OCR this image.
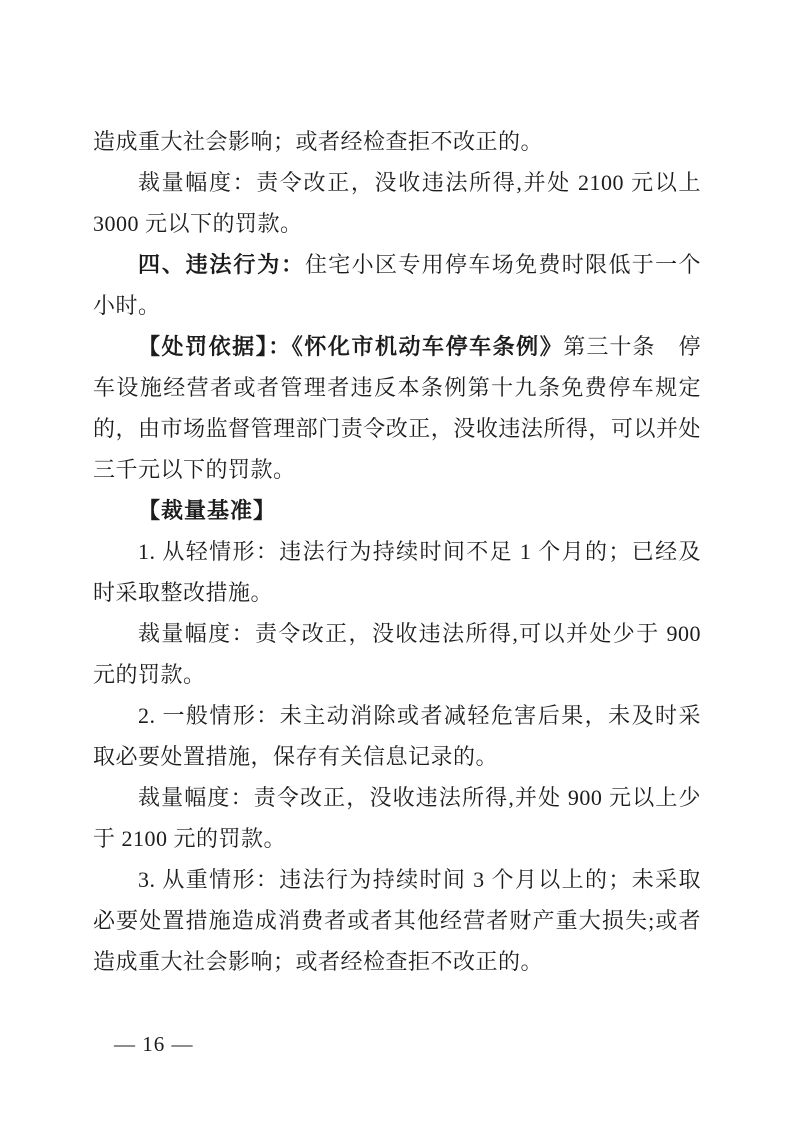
造成重大社会影响；或者经检查拒不改正的。

裁量幅度：责令改正，没收违法所得,并处 2100 元以上 3000 元以下的罚款。

四、违法行为：住宅小区专用停车场免费时限低于一个小时。

【处罚依据】：《怀化市机动车停车条例》第三十条　停车设施经营者或者管理者违反本条例第十九条免费停车规定的，由市场监督管理部门责令改正，没收违法所得，可以并处三千元以下的罚款。

【裁量基准】

1. 从轻情形：违法行为持续时间不足 1 个月的；已经及时采取整改措施。

裁量幅度：责令改正，没收违法所得,可以并处少于 900 元的罚款。

2. 一般情形：未主动消除或者减轻危害后果，未及时采取必要处置措施，保存有关信息记录的。

裁量幅度：责令改正，没收违法所得,并处 900 元以上少于 2100 元的罚款。

3. 从重情形：违法行为持续时间 3 个月以上的；未采取必要处置措施造成消费者或者其他经营者财产重大损失;或者造成重大社会影响；或者经检查拒不改正的。

— 16 —
